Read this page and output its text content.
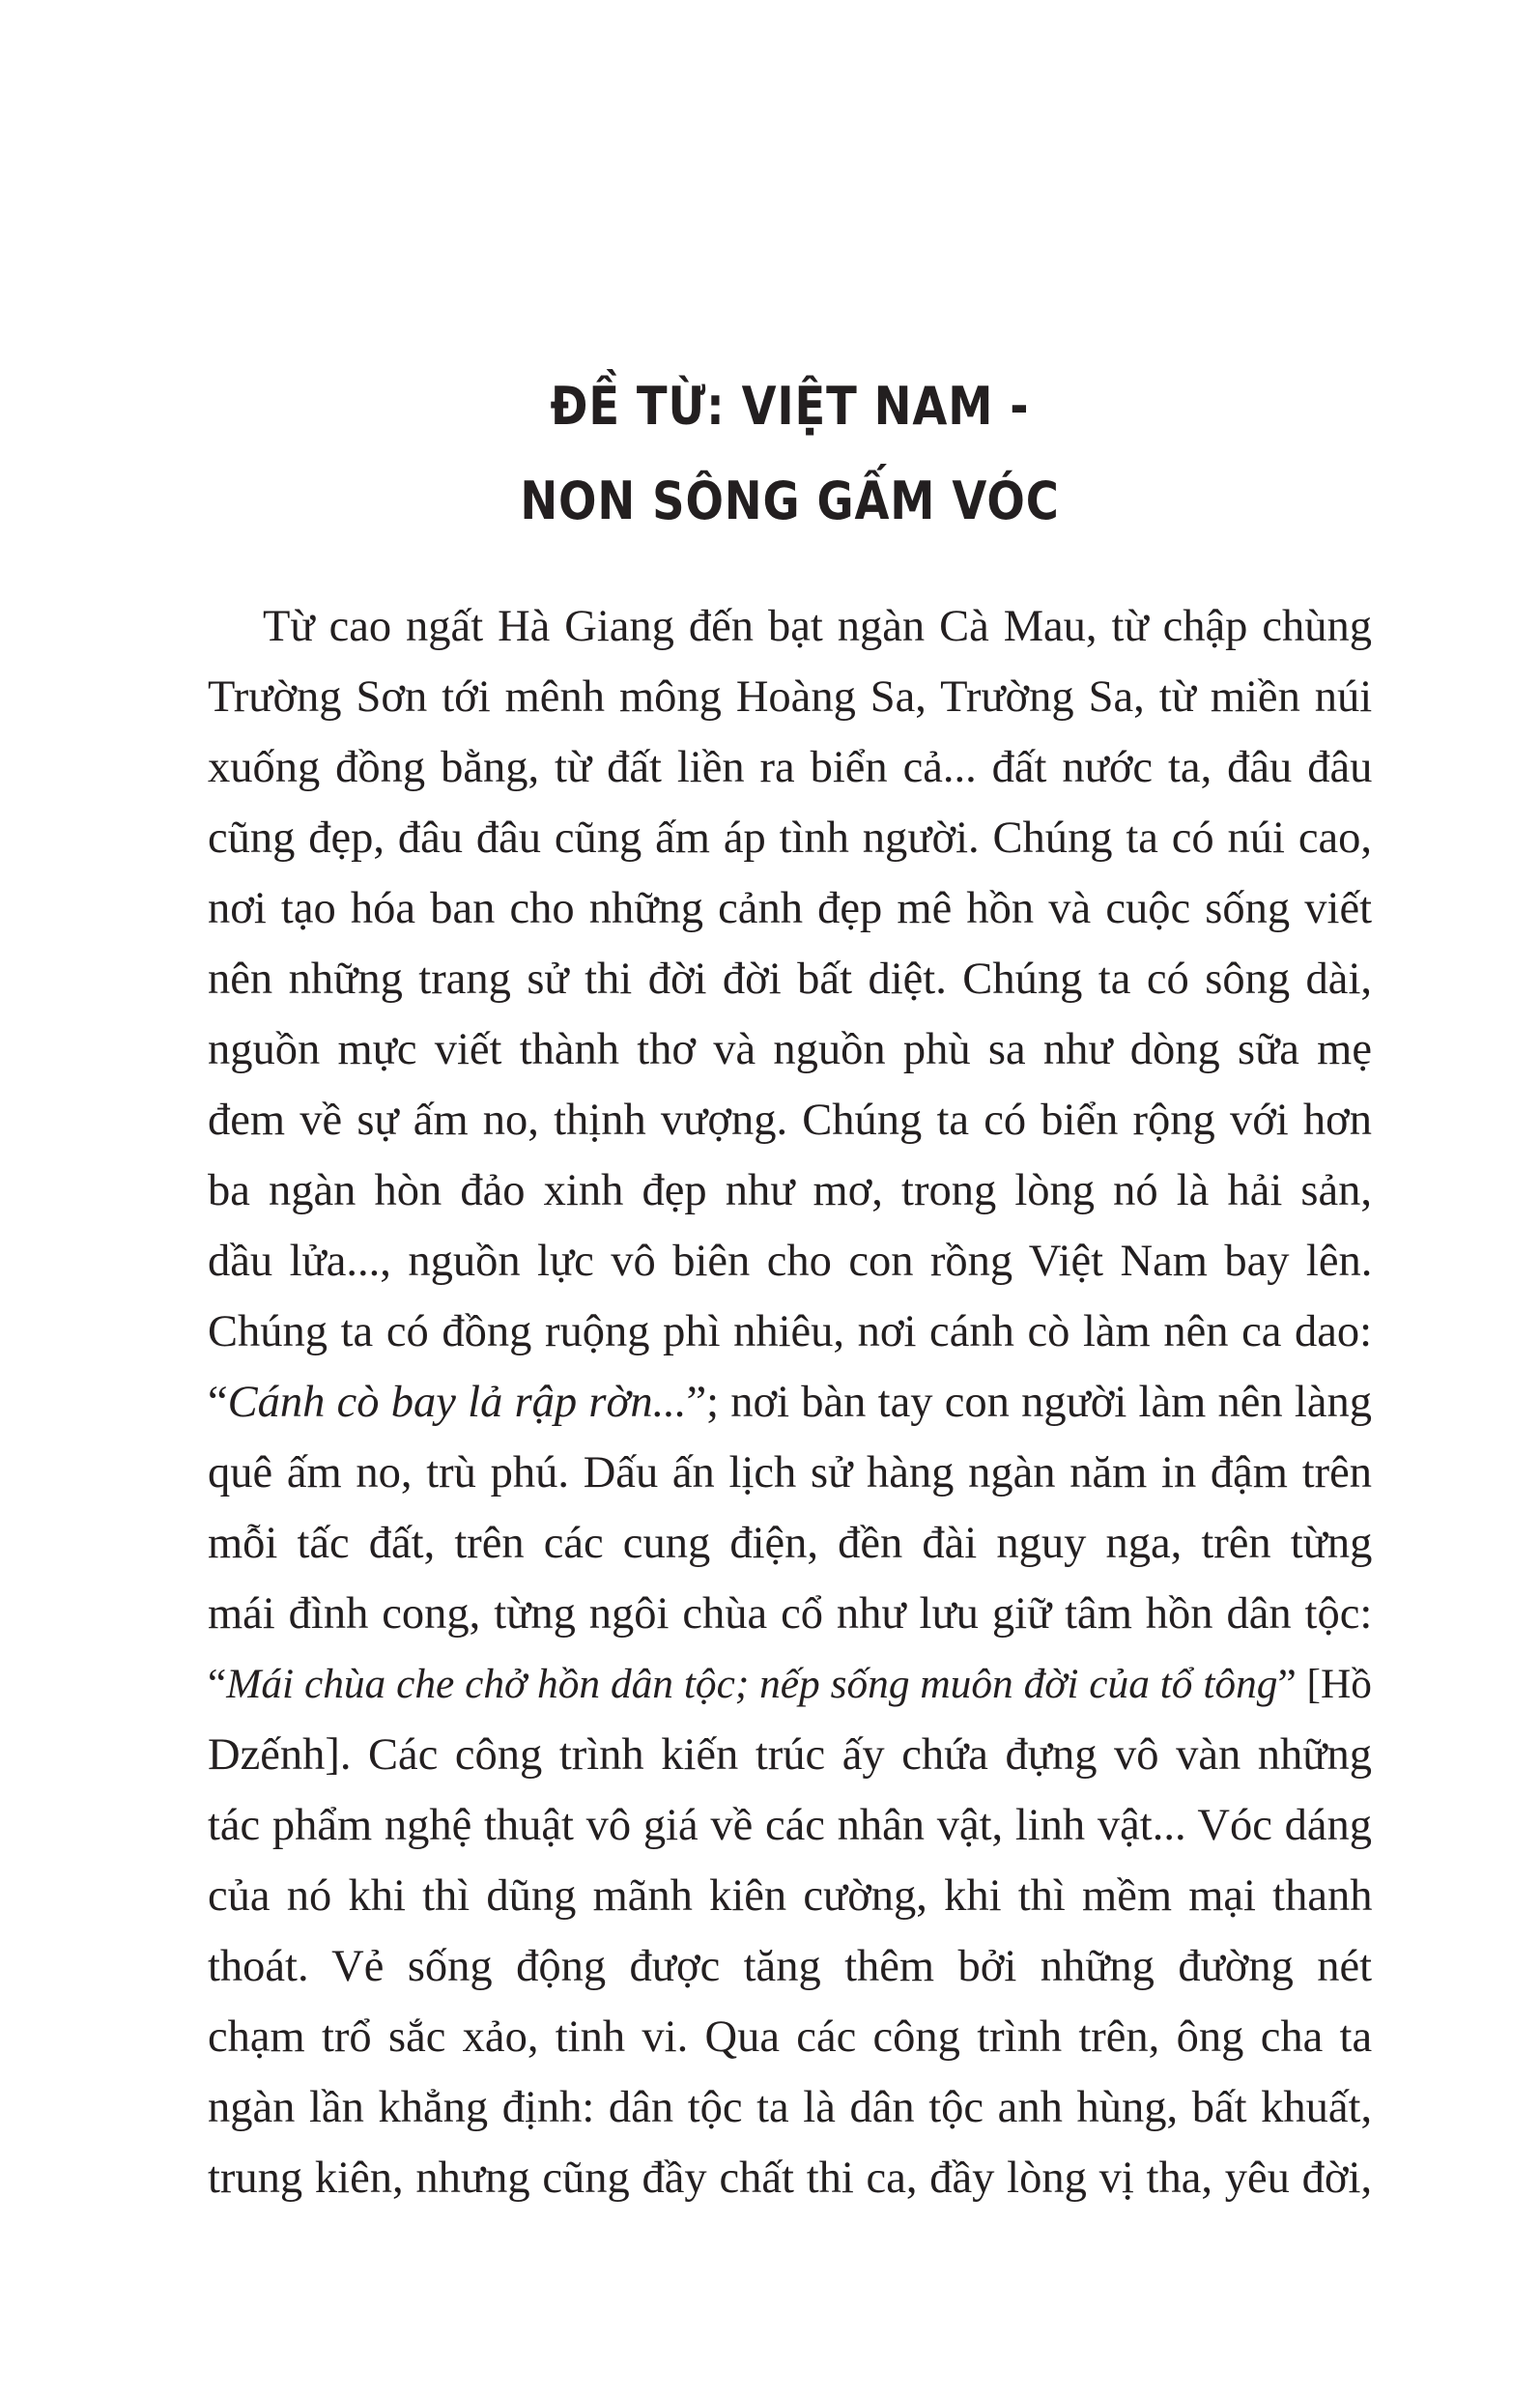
ĐỀ TỪ: VIỆT NAM -
NON SÔNG GẤM VÓC
Từ cao ngất Hà Giang đến bạt ngàn Cà Mau, từ chập chùng
Trường Sơn tới mênh mông Hoàng Sa, Trường Sa, từ miền núi
xuống đồng bằng, từ đất liền ra biển cả... đất nước ta, đâu đâu
cũng đẹp, đâu đâu cũng ấm áp tình người. Chúng ta có núi cao,
nơi tạo hóa ban cho những cảnh đẹp mê hồn và cuộc sống viết
nên những trang sử thi đời đời bất diệt. Chúng ta có sông dài,
nguồn mực viết thành thơ và nguồn phù sa như dòng sữa mẹ
đem về sự ấm no, thịnh vượng. Chúng ta có biển rộng với hơn
ba ngàn hòn đảo xinh đẹp như mơ, trong lòng nó là hải sản,
dầu lửa..., nguồn lực vô biên cho con rồng Việt Nam bay lên.
Chúng ta có đồng ruộng phì nhiêu, nơi cánh cò làm nên ca dao:
“Cánh cò bay lả rập rờn...”; nơi bàn tay con người làm nên làng
quê ấm no, trù phú. Dấu ấn lịch sử hàng ngàn năm in đậm trên
mỗi tấc đất, trên các cung điện, đền đài nguy nga, trên từng
mái đình cong, từng ngôi chùa cổ như lưu giữ tâm hồn dân tộc:
“Mái chùa che chở hồn dân tộc; nếp sống muôn đời của tổ tông” [Hồ
Dzếnh]. Các công trình kiến trúc ấy chứa đựng vô vàn những
tác phẩm nghệ thuật vô giá về các nhân vật, linh vật... Vóc dáng
của nó khi thì dũng mãnh kiên cường, khi thì mềm mại thanh
thoát. Vẻ sống động được tăng thêm bởi những đường nét
chạm trổ sắc xảo, tinh vi. Qua các công trình trên, ông cha ta
ngàn lần khẳng định: dân tộc ta là dân tộc anh hùng, bất khuất,
trung kiên, nhưng cũng đầy chất thi ca, đầy lòng vị tha, yêu đời,
